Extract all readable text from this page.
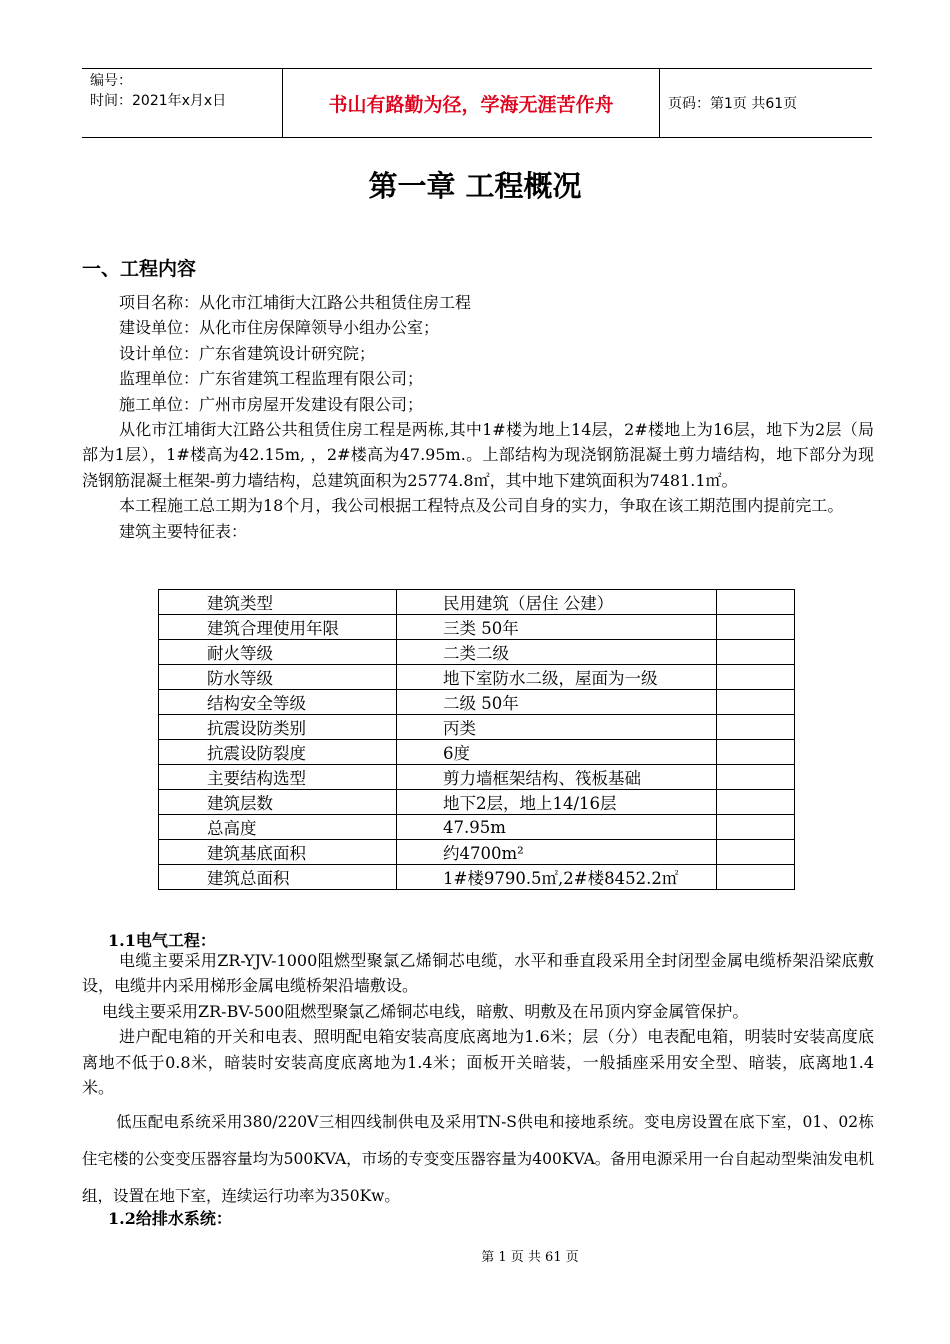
编号：
时间：2021年x月x日	书山有路勤为径，学海无涯苦作舟	页码：第1页 共61页
第一章 工程概况
一、工程内容

项目名称：从化市江埔街大江路公共租赁住房工程

建设单位：从化市住房保障领导小组办公室；

设计单位：广东省建筑设计研究院；

监理单位：广东省建筑工程监理有限公司；

施工单位：广州市房屋开发建设有限公司；

从化市江埔街大江路公共租赁住房工程是两栋,其中1#楼为地上14层，2#楼地上为16层，地下为2层（局部为1层），1#楼高为42.15m, ，2#楼高为47.95m.。上部结构为现浇钢筋混凝土剪力墙结构，地下部分为现浇钢筋混凝土框架-剪力墙结构，总建筑面积为25774.8㎡，其中地下建筑面积为7481.1㎡。

本工程施工总工期为18个月，我公司根据工程特点及公司自身的实力，争取在该工期范围内提前完工。

建筑主要特征表：

建筑类型	民用建筑（居住 公建）	
建筑合理使用年限	三类 50年	
耐火等级	二类二级	
防水等级	地下室防水二级，屋面为一级	
结构安全等级	二级 50年	
抗震设防类别	丙类	
抗震设防裂度	6度	
主要结构选型	剪力墙框架结构、筏板基础	
建筑层数	地下2层，地上14/16层	
总高度	47.95m	
建筑基底面积	约4700m²	
建筑总面积	1#楼9790.5㎡,2#楼8452.2㎡	
1.1电气工程：

电缆主要采用ZR-YJV-1000阻燃型聚氯乙烯铜芯电缆，水平和垂直段采用全封闭型金属电缆桥架沿梁底敷设，电缆井内采用梯形金属电缆桥架沿墙敷设。

电线主要采用ZR-BV-500阻燃型聚氯乙烯铜芯电线，暗敷、明敷及在吊顶内穿金属管保护。

进户配电箱的开关和电表、照明配电箱安装高度底离地为1.6米；层（分）电表配电箱，明装时安装高度底离地不低于0.8米，暗装时安装高度底离地为1.4米；面板开关暗装，一般插座采用安全型、暗装，底离地1.4米。

低压配电系统采用380/220V三相四线制供电及采用TN-S供电和接地系统。变电房设置在底下室，01、02栋住宅楼的公变变压器容量均为500KVA，市场的专变变压器容量为400KVA。备用电源采用一台自起动型柴油发电机组，设置在地下室，连续运行功率为350Kw。

1.2给排水系统：
第 1 页 共 61 页
